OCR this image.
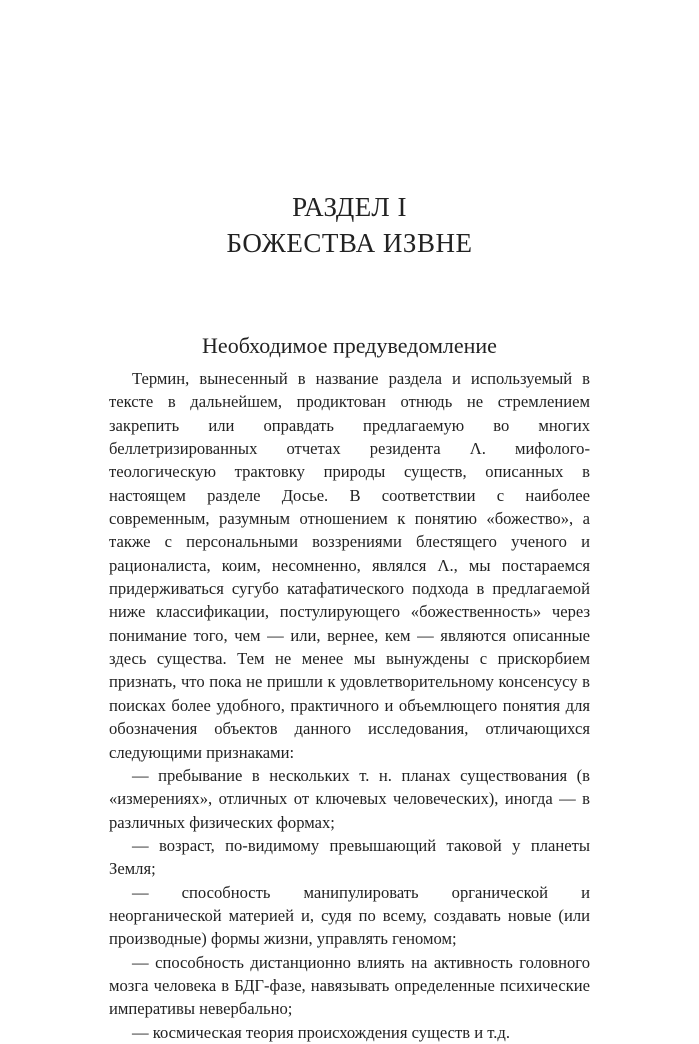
РАЗДЕЛ I
БОЖЕСТВА ИЗВНЕ
Необходимое предуведомление

Термин, вынесенный в название раздела и используемый в тексте в дальнейшем, продиктован отнюдь не стремлением закрепить или оправдать предлагаемую во многих беллетризированных отчетах резидента Λ. мифолого-теологическую трактовку природы существ, описанных в настоящем разделе Досье. В соответствии с наиболее современным, разумным отношением к понятию «божество», а также с персональными воззрениями блестящего ученого и рационалиста, коим, несомненно, являлся Λ., мы постараемся придерживаться сугубо катафатического подхода в предлагаемой ниже классификации, постулирующего «божественность» через понимание того, чем — или, вернее, кем — являются описанные здесь существа. Тем не менее мы вынуждены с прискорбием признать, что пока не пришли к удовлетворительному консенсусу в поисках более удобного, практичного и объемлющего понятия для обозначения объектов данного исследования, отличающихся следующими признаками:

— пребывание в нескольких т. н. планах существования (в «измерениях», отличных от ключевых человеческих), иногда — в различных физических формах;

— возраст, по-видимому превышающий таковой у планеты Земля;

— способность манипулировать органической и неорганической материей и, судя по всему, создавать новые (или производные) формы жизни, управлять геномом;

— способность дистанционно влиять на активность головного мозга человека в БДГ-фазе, навязывать определенные психические императивы невербально;

— космическая теория происхождения существ и т.д.
